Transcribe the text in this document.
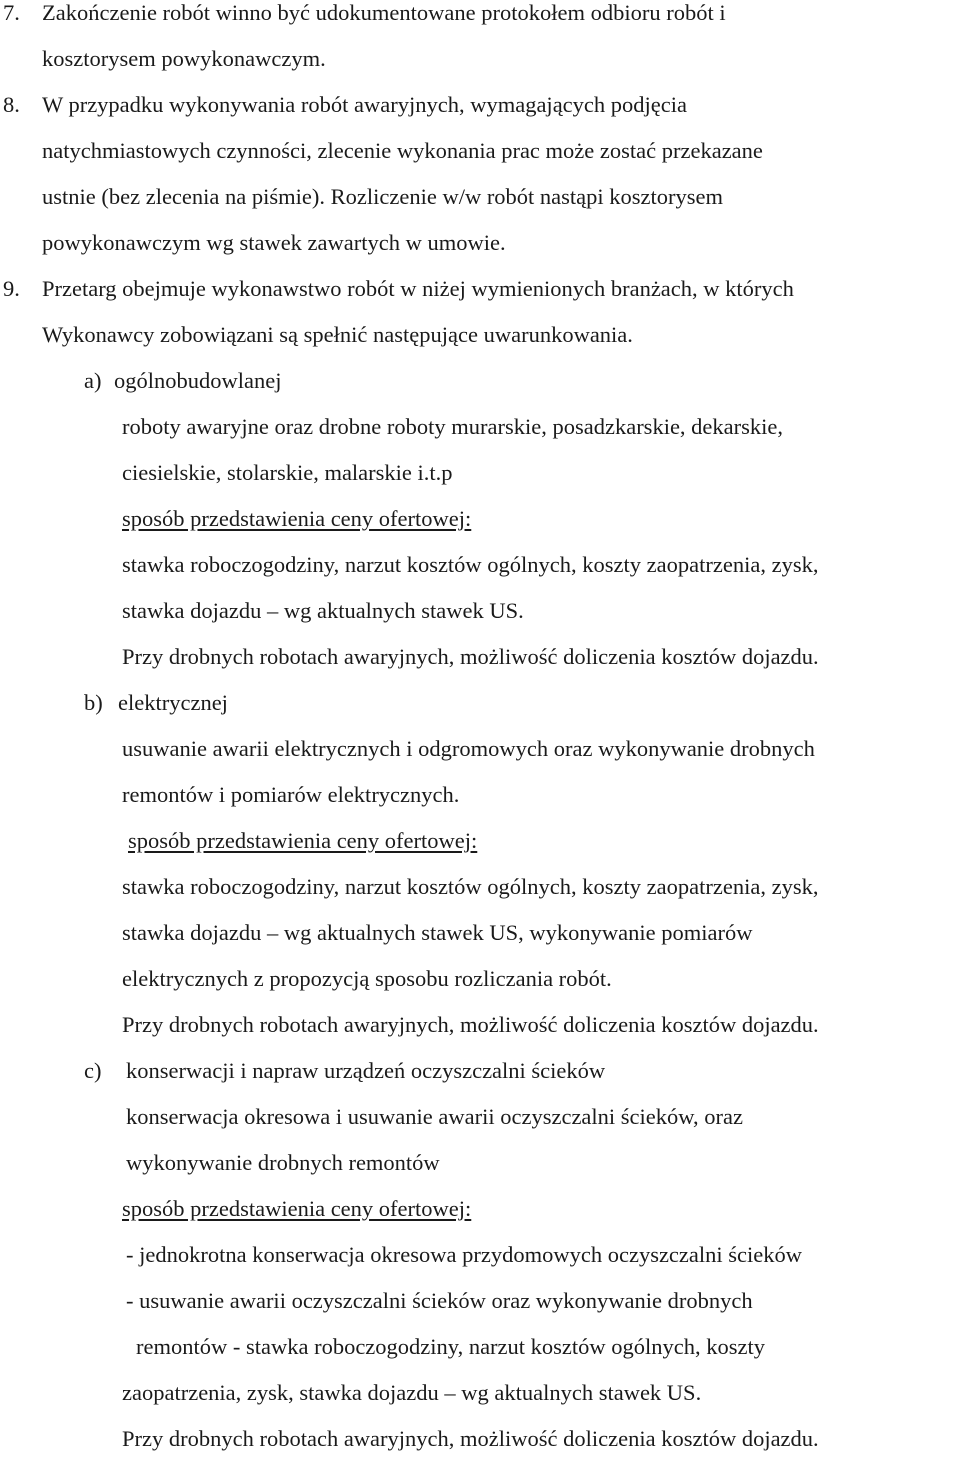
7. Zakończenie robót winno być udokumentowane protokołem odbioru robót i
kosztorysem powykonawczym.
8. W przypadku wykonywania robót awaryjnych, wymagających podjęcia
natychmiastowych czynności, zlecenie wykonania prac może zostać przekazane
ustnie (bez zlecenia na piśmie). Rozliczenie w/w robót nastąpi kosztorysem
powykonawczym wg stawek zawartych w umowie.
9. Przetarg obejmuje wykonawstwo robót w niżej wymienionych branżach, w których
Wykonawcy zobowiązani są spełnić następujące uwarunkowania.
a) ogólnobudowlanej
roboty awaryjne oraz drobne roboty murarskie, posadzkarskie, dekarskie,
ciesielskie, stolarskie, malarskie i.t.p
sposób przedstawienia ceny ofertowej:
stawka roboczogodziny, narzut kosztów ogólnych, koszty zaopatrzenia, zysk,
stawka dojazdu – wg aktualnych stawek US.
Przy drobnych robotach awaryjnych, możliwość doliczenia kosztów dojazdu.
b) elektrycznej
usuwanie awarii elektrycznych i odgromowych oraz wykonywanie drobnych
remontów i pomiarów elektrycznych.
sposób przedstawienia ceny ofertowej:
stawka roboczogodziny, narzut kosztów ogólnych, koszty zaopatrzenia, zysk,
stawka dojazdu – wg aktualnych stawek US, wykonywanie pomiarów
elektrycznych z propozycją sposobu rozliczania robót.
Przy drobnych robotach awaryjnych, możliwość doliczenia kosztów dojazdu.
c) konserwacji i napraw urządzeń oczyszczalni ścieków
konserwacja okresowa i usuwanie awarii oczyszczalni ścieków, oraz
wykonywanie drobnych remontów
sposób przedstawienia ceny ofertowej:
- jednokrotna konserwacja okresowa przydomowych oczyszczalni ścieków
- usuwanie awarii oczyszczalni ścieków oraz wykonywanie drobnych
remontów - stawka roboczogodziny, narzut kosztów ogólnych, koszty
zaopatrzenia, zysk, stawka dojazdu – wg aktualnych stawek US.
Przy drobnych robotach awaryjnych, możliwość doliczenia kosztów dojazdu.
